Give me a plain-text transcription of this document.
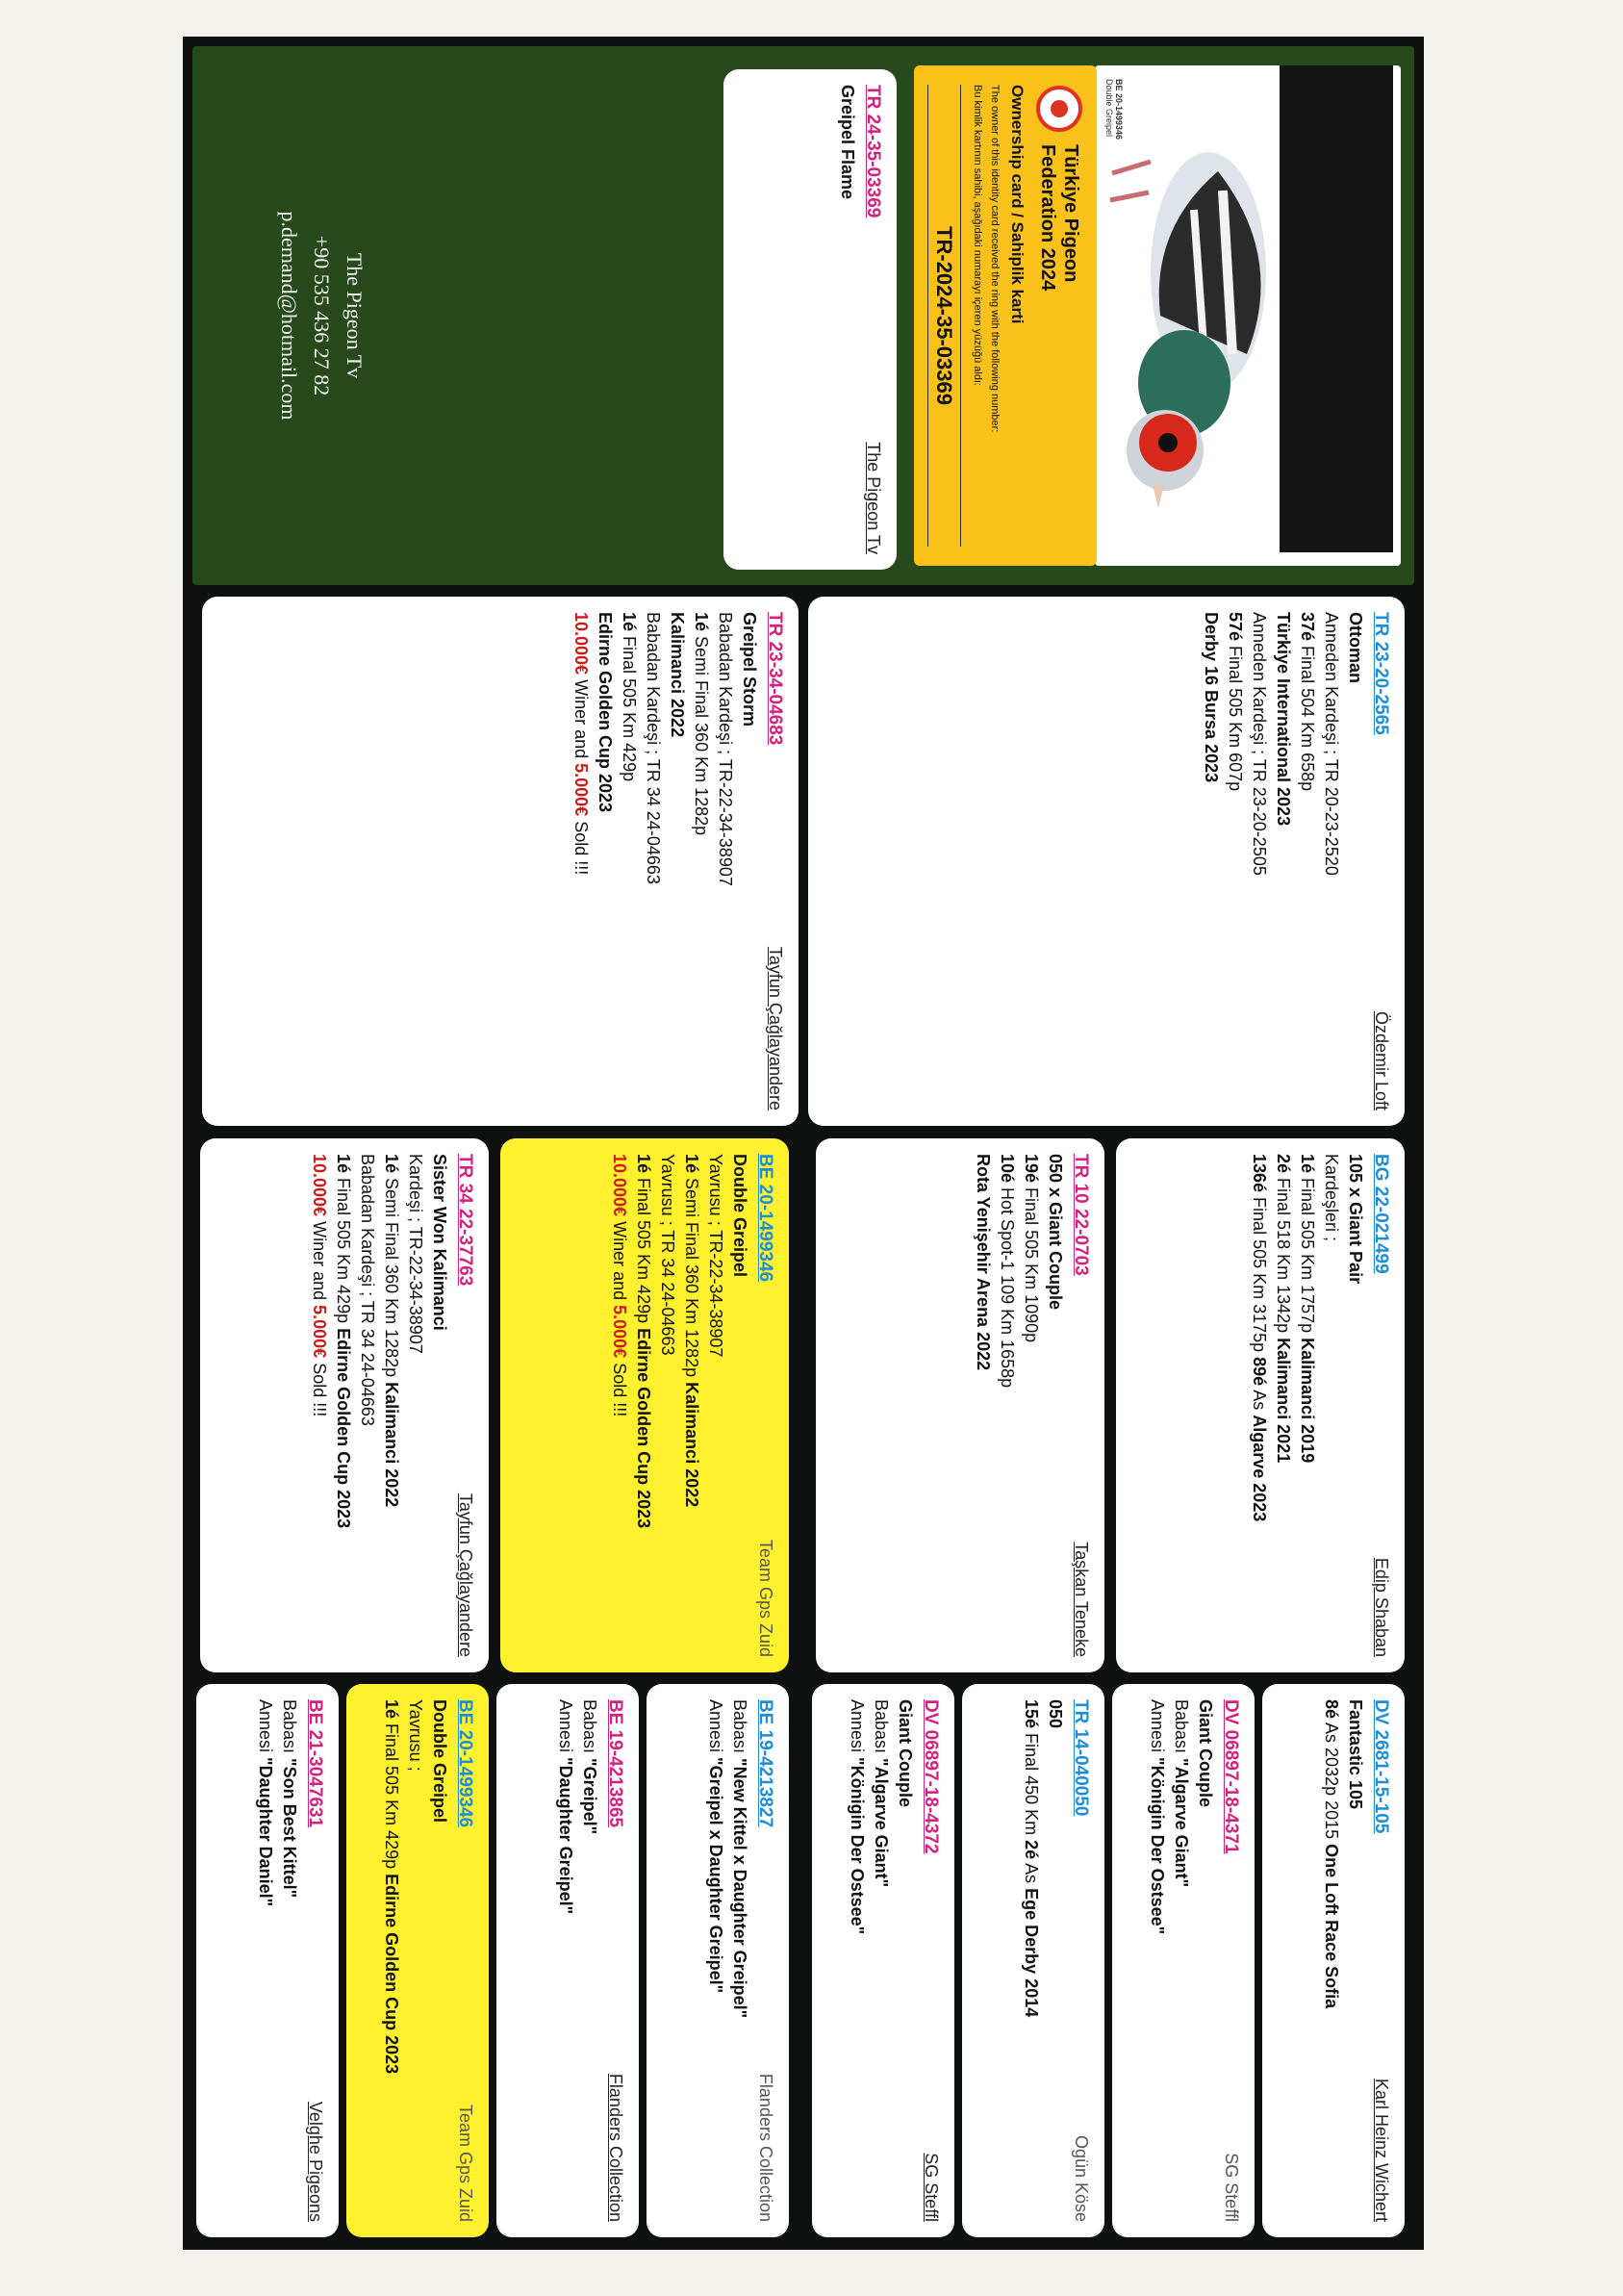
BE 20-1499346
Double Greipel
Türkiye Pigeon
Federation 2024
Ownership card / Sahiplik karti
The owner of this identity card received the ring with the following number:
Bu kimlik kartının sahibi, aşağıdaki numarayı içeren yüzüğü aldı:
TR-2024-35-03369
TR 24-35-03369
The Pigeon Tv
Greipel Flame
The Pigeon Tv
+90 535 436 27 82
p.demand@hotmail.com
TR 23-20-2565
Özdemir Loft
Ottoman
Anneden Kardeşi ; TR 20-23-2520
37é Final 504 Km 658p
Türkiye International 2023
Anneden Kardeşi ; TR 23-20-2505
57é Final 505 Km 607p
Derby 16 Bursa 2023
TR 23-34-04683
Tayfun Çağlayandere
Greipel Storm
Babadan Kardeşi ; TR-22-34-38907
1é Semi Final 360 Km 1282p
Kalimanci 2022
Babadan Kardeşi ; TR 34 24-04663
1é Final 505 Km 429p
Edirne Golden Cup 2023
10.000€ Winer and 5.000€ Sold !!!
BG 22-021499
Edip Shaban
105 x Giant Pair
Kardeşleri ;
1é Final 505 Km 1757p Kalimanci 2019
2é Final 518 Km 1342p Kalimanci 2021
136é Final 505 Km 3175p 89é As Algarve 2023
TR 10 22-0703
Taşkan Teneke
050 x Giant Couple
19é Final 505 Km 1090p
10é Hot Spot-1 109 Km 1658p
Rota Yenişehir Arena 2022
BE 20-1499346
Team Gps Zuid
Double Greipel
Yavrusu ; TR-22-34-38907
1é Semi Final 360 Km 1282p Kalimanci 2022
Yavrusu ; TR 34 24-04663
1é Final 505 Km 429p Edirne Golden Cup 2023
10.000€ Winer and 5.000€ Sold !!!
TR 34 22-37763
Tayfun Çağlayandere
Sister Won Kalimanci
Kardeşi ; TR-22-34-38907
1é Semi Final 360 Km 1282p Kalimanci 2022
Babadan Kardeşi ; TR 34 24-04663
1é Final 505 Km 429p Edirne Golden Cup 2023
10.000€ Winer and 5.000€ Sold !!!
DV 2681-15-105
Karl Heinz Wichert
Fantastic 105
8é As 2032p 2015 One Loft Race Sofia
DV 06897-18-4371
SG Steffl
Giant Couple
Babası "Algarve Giant"
Annesi "Königin Der Ostsee"
TR 14-040050
Ogün Köse
050
15é Final 450 Km 2é As Ege Derby 2014
DV 06897-18-4372
SG Steffl
Giant Couple
Babası "Algarve Giant"
Annesi "Königin Der Ostsee"
BE 19-4213827
Flanders Collection
Babası "New Kittel x Daughter Greipel"
Annesi "Greipel x Daughter Greipel"
BE 19-4213865
Flanders Collection
Babası "Greipel"
Annesi "Daughter Greipel"
BE 20-1499346
Team Gps Zuid
Double Greipel
Yavrusu ;
1é Final 505 Km 429p Edirne Golden Cup 2023
BE 21-3047631
Velghe Pigeons
Babası "Son Best Kittel"
Annesi "Daughter Daniel"
